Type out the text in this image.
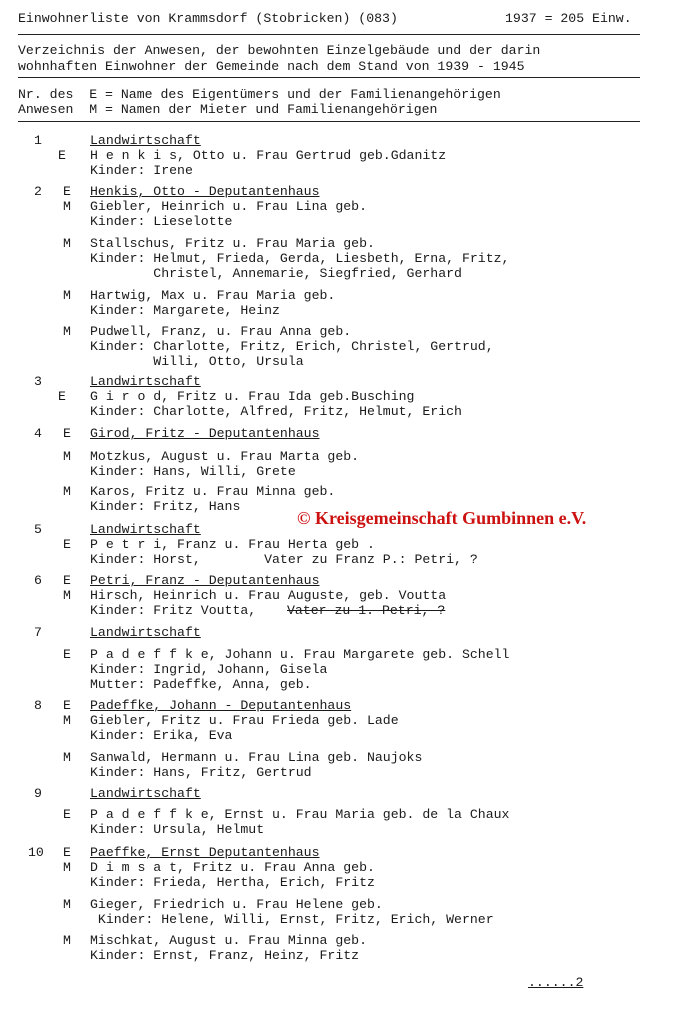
Einwohnerliste von Krammsdorf (Stobricken) (083)	1937 = 205 Einw.
Verzeichnis der Anwesen, der bewohnten Einzelgebäude und der darin
wohnhaften Einwohner der Gemeinde nach dem Stand von 1939 - 1945
Nr. des  E = Name des Eigentümers und der Familienangehörigen
Anwesen  M = Namen der Mieter und Familienangehörigen
1	Landwirtschaft
E H e n k i s, Otto u. Frau Gertrud geb.Gdanitz
Kinder: Irene
2 E Henkis, Otto - Deputantenhaus
M Giebler, Heinrich u. Frau Lina geb.
Kinder: Lieselotte
M Stallschus, Fritz u. Frau Maria geb.
Kinder: Helmut, Frieda, Gerda, Liesbeth, Erna, Fritz,
Christel, Annemarie, Siegfried, Gerhard
M Hartwig, Max u. Frau Maria geb.
Kinder: Margarete, Heinz
M Pudwell, Franz, u. Frau Anna geb.
Kinder: Charlotte, Fritz, Erich, Christel, Gertrud,
Willi, Otto, Ursula
3	Landwirtschaft
E G i r o d, Fritz u. Frau Ida geb.Busching
Kinder: Charlotte, Alfred, Fritz, Helmut, Erich
4 E Girod, Fritz - Deputantenhaus
M Motzkus, August u. Frau Marta geb.
Kinder: Hans, Willi, Grete
M Karos, Fritz u. Frau Minna geb.
Kinder: Fritz, Hans
© Kreisgemeinschaft Gumbinnen e.V.
5	Landwirtschaft
E P e t r i, Franz u. Frau Herta geb .
Kinder: Horst,        Vater zu Franz P.: Petri, ?
6 E Petri, Franz - Deputantenhaus
M Hirsch, Heinrich u. Frau Auguste, geb. Voutta
Kinder: Fritz Voutta, Vater-zu-1.-Petri,-?
7	Landwirtschaft
E P a d e f f k e, Johann u. Frau Margarete geb. Schell
Kinder: Ingrid, Johann, Gisela
Mutter: Padeffke, Anna, geb.
8 E Padeffke, Johann - Deputantenhaus
M Giebler, Fritz u. Frau Frieda geb. Lade
Kinder: Erika, Eva
M Sanwald, Hermann u. Frau Lina geb. Naujoks
Kinder: Hans, Fritz, Gertrud
9	Landwirtschaft
E P a d e f f k e, Ernst u. Frau Maria geb. de la Chaux
Kinder: Ursula, Helmut
10 E Paeffke, Ernst Deputantenhaus
M D i m s a t, Fritz u. Frau Anna geb.
Kinder: Frieda, Hertha, Erich, Fritz
M Gieger, Friedrich u. Frau Helene geb.
Kinder: Helene, Willi, Ernst, Fritz, Erich, Werner
M Mischkat, August u. Frau Minna geb.
Kinder: Ernst, Franz, Heinz, Fritz
......2
